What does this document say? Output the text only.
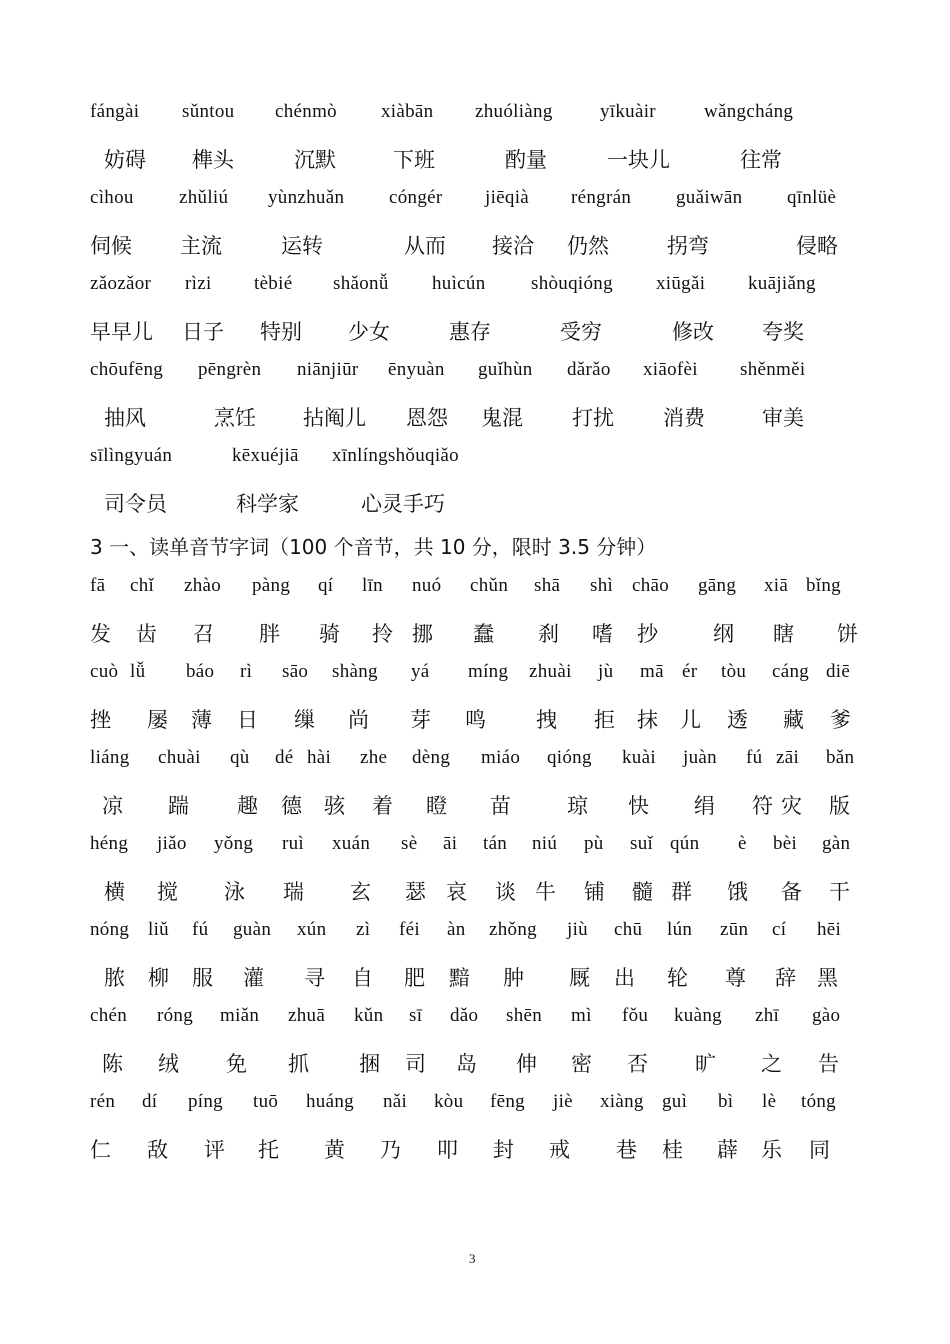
fángài sǔntou chénmò xiàbān zhuóliàng yīkuàir	wǎngcháng
妨碍 榫头	沉默	下班	酌量	一块儿	往常
cìhou zhǔliú yùnzhuǎn cóngér jiēqià réngrán guǎiwān qīnlüè
伺候 主流	运转	从而 接洽 仍然	拐弯	侵略
zǎozǎor rìzi tèbié shǎonǚ huìcún shòuqióng xiūgǎi kuājiǎng
早早儿 日子 特别 少女	惠存	受穷	修改 夸奖
chōufēng pēngrèn niānjiūr ēnyuàn guǐhùn dǎrǎo xiāofèi shěnměi
抽风	烹饪 拈阄儿 恩怨 鬼混 打扰 消费	审美
sīlìngyuán	kēxuéjiā xīnlíngshǒuqiǎo
司令员	科学家	心灵手巧
3 一、读单音节字词（100 个音节，共 10 分，限时 3.5 分钟）
fā chǐ zhào pàng qí līn nuó chǔn shā shì chāo gāng xiā bǐng
发 齿 召 胖 骑 拎 挪 蠢 刹 嗜 抄	纲 瞎 饼
cuò lǚ báo rì sāo shàng yá míng zhuài jù mā ér tòu cáng diē
挫 屡 薄 日 缫 尚 芽 鸣 拽 拒 抹 儿 透 藏 爹
liáng chuài qù dé hài zhe dèng miáo qióng kuài juàn fú zāi bǎn
凉 踹 趣 德 骇 着 瞪 苗	琼 快 绢 符 灾 版
héng jiǎo yǒng ruì xuán sè āi tán niú pù suǐ qún è bèi gàn
横 搅 泳 瑞 玄 瑟 哀 谈 牛 铺 髓 群 饿 备 干
nóng liǔ fú guàn xún zì féi àn zhǒng jiù chū lún zūn cí hēi
脓 柳 服 灌 寻 自 肥 黯 肿 厩 出 轮 尊 辞 黑
chén róng miǎn zhuā kǔn sī dǎo shēn mì fǒu kuàng zhī gào
陈 绒 免 抓 捆 司 岛 伸 密 否 旷 之 告
rén dí píng tuō huáng nǎi kòu fēng jiè xiàng guì bì lè tóng
仁 敌 评 托 黄 乃 叩 封 戒 巷 桂 薜 乐 同
3
